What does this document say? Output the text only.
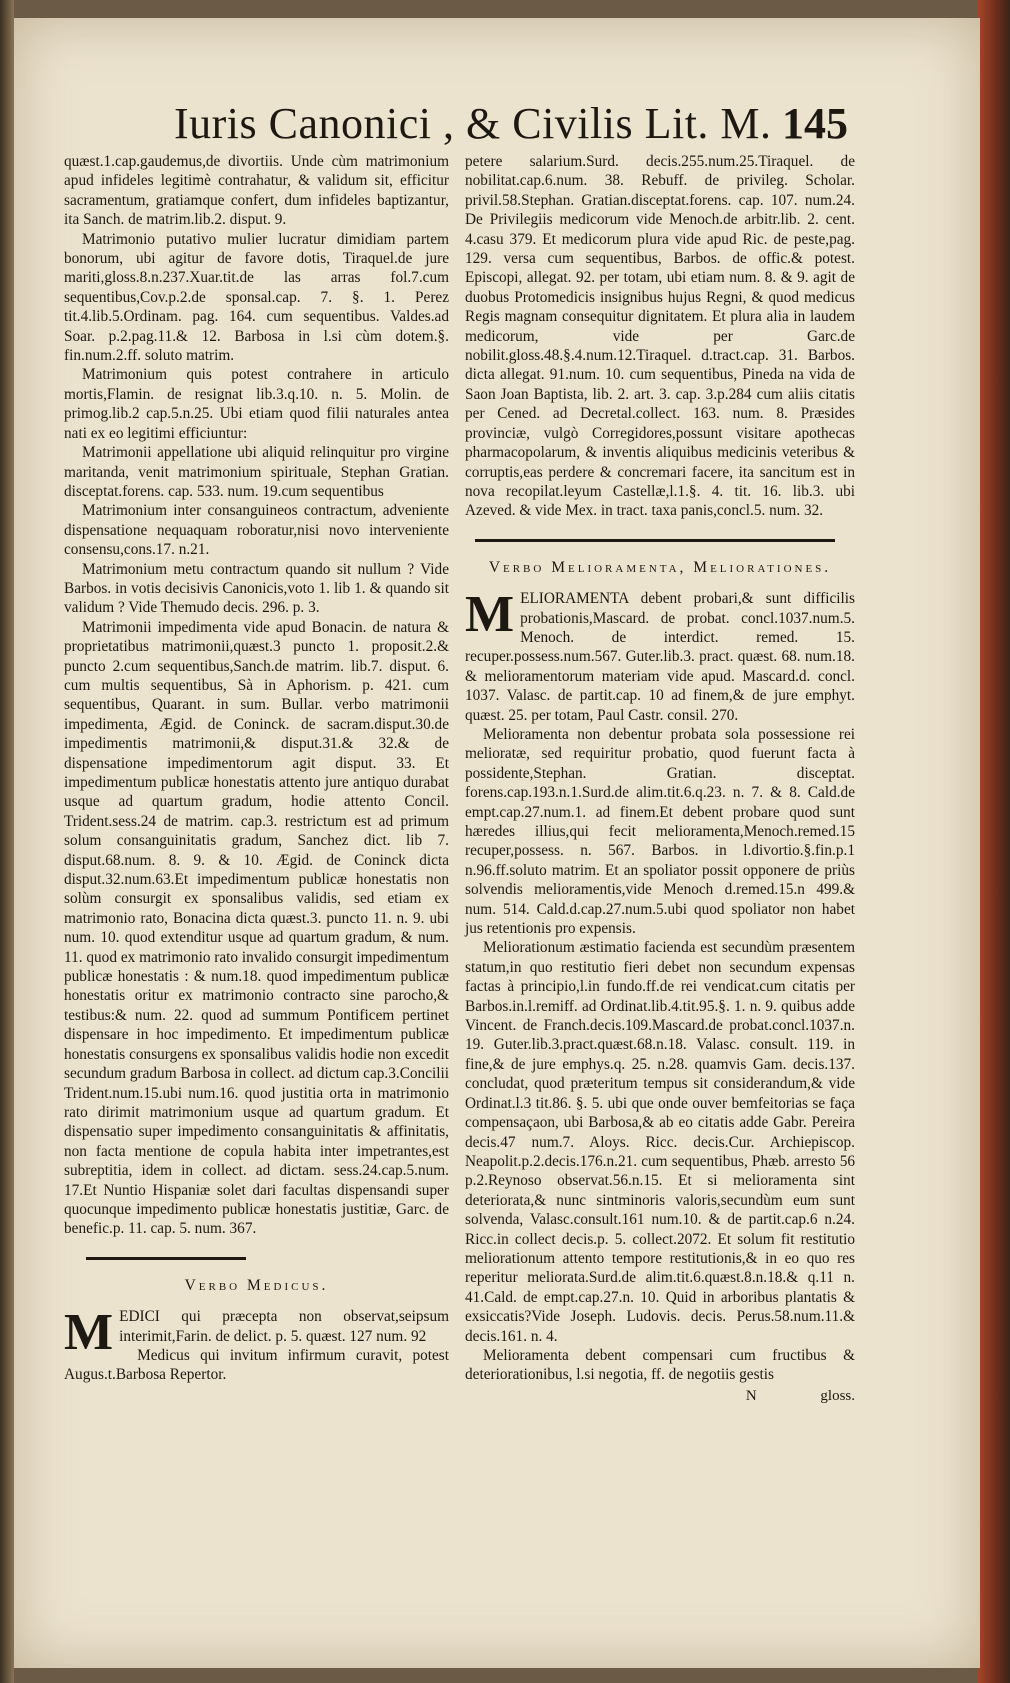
Iuris Canonici , & Civilis Lit. M. 145

quæst.1.cap.gaudemus,de divortiis. Unde cùm matrimonium apud infideles legitimè contrahatur, & validum sit, efficitur sacramentum, gratiamque confert, dum infideles baptizantur, ita Sanch. de matrim.lib.2. disput. 9.

Matrimonio putativo mulier lucratur dimidiam partem bonorum, ubi agitur de favore dotis, Tiraquel.de jure mariti,gloss.8.n.237.Xuar.tit.de las arras fol.7.cum sequentibus,Cov.p.2.de sponsal.cap. 7. §. 1. Perez tit.4.lib.5.Ordinam. pag. 164. cum sequentibus. Valdes.ad Soar. p.2.pag.11.& 12. Barbosa in l.si cùm dotem.§. fin.num.2.ff. soluto matrim.

Matrimonium quis potest contrahere in articulo mortis,Flamin. de resignat lib.3.q.10. n. 5. Molin. de primog.lib.2 cap.5.n.25. Ubi etiam quod filii naturales antea nati ex eo legitimi efficiuntur:

Matrimonii appellatione ubi aliquid relinquitur pro virgine maritanda, venit matrimonium spirituale, Stephan Gratian. disceptat.forens. cap. 533. num. 19.cum sequentibus

Matrimonium inter consanguineos contractum, adveniente dispensatione nequaquam roboratur,nisi novo interveniente consensu,cons.17. n.21.

Matrimonium metu contractum quando sit nullum ? Vide Barbos. in votis decisivis Canonicis,voto 1. lib 1. & quando sit validum ? Vide Themudo decis. 296. p. 3.

Matrimonii impedimenta vide apud Bonacin. de natura & proprietatibus matrimonii,quæst.3 puncto 1. proposit.2.& puncto 2.cum sequentibus,Sanch.de matrim. lib.7. disput. 6. cum multis sequentibus, Sà in Aphorism. p. 421. cum sequentibus, Quarant. in sum. Bullar. verbo matrimonii impedimenta, Ægid. de Coninck. de sacram.disput.30.de impedimentis matrimonii,& disput.31.& 32.& de dispensatione impedimentorum agit disput. 33. Et impedimentum publicæ honestatis attento jure antiquo durabat usque ad quartum gradum, hodie attento Concil. Trident.sess.24 de matrim. cap.3. restrictum est ad primum solum consanguinitatis gradum, Sanchez dict. lib 7. disput.68.num. 8. 9. & 10. Ægid. de Coninck dicta disput.32.num.63.Et impedimentum publicæ honestatis non solùm consurgit ex sponsalibus validis, sed etiam ex matrimonio rato, Bonacina dicta quæst.3. puncto 11. n. 9. ubi num. 10. quod extenditur usque ad quartum gradum, & num. 11. quod ex matrimonio rato invalido consurgit impedimentum publicæ honestatis : & num.18. quod impedimentum publicæ honestatis oritur ex matrimonio contracto sine parocho,& testibus:& num. 22. quod ad summum Pontificem pertinet dispensare in hoc impedimento. Et impedimentum publicæ honestatis consurgens ex sponsalibus validis hodie non excedit secundum gradum Barbosa in collect. ad dictum cap.3.Concilii Trident.num.15.ubi num.16. quod justitia orta in matrimonio rato dirimit matrimonium usque ad quartum gradum. Et dispensatio super impedimento consanguinitatis & affinitatis, non facta mentione de copula habita inter impetrantes,est subreptitia, idem in collect. ad dictam. sess.24.cap.5.num. 17.Et Nuntio Hispaniæ solet dari facultas dispensandi super quocunque impedimento publicæ honestatis justitiæ, Garc. de benefic.p. 11. cap. 5. num. 367.

Verbo Medicus.

MEDICI qui præcepta non observat,seipsum interimit,Farin. de delict. p. 5. quæst. 127 num. 92

Medicus qui invitum infirmum curavit, potest Augus.t.Barbosa Repertor.

petere salarium.Surd. decis.255.num.25.Tiraquel. de nobilitat.cap.6.num. 38. Rebuff. de privileg. Scholar. privil.58.Stephan. Gratian.disceptat.forens. cap. 107. num.24. De Privilegiis medicorum vide Menoch.de arbitr.lib. 2. cent. 4.casu 379. Et medicorum plura vide apud Ric. de peste,pag. 129. versa cum sequentibus, Barbos. de offic.& potest. Episcopi, allegat. 92. per totam, ubi etiam num. 8. & 9. agit de duobus Protomedicis insignibus hujus Regni, & quod medicus Regis magnam consequitur dignitatem. Et plura alia in laudem medicorum, vide per Garc.de nobilit.gloss.48.§.4.num.12.Tiraquel. d.tract.cap. 31. Barbos. dicta allegat. 91.num. 10. cum sequentibus, Pineda na vida de Saon Joan Baptista, lib. 2. art. 3. cap. 3.p.284 cum aliis citatis per Cened. ad Decretal.collect. 163. num. 8. Præsides provinciæ, vulgò Corregidores,possunt visitare apothecas pharmacopolarum, & inventis aliquibus medicinis veteribus & corruptis,eas perdere & concremari facere, ita sancitum est in nova recopilat.leyum Castellæ,l.1.§. 4. tit. 16. lib.3. ubi Azeved. & vide Mex. in tract. taxa panis,concl.5. num. 32.

Verbo Melioramenta, Meliorationes.

MELIORAMENTA debent probari,& sunt difficilis probationis,Mascard. de probat. concl.1037.num.5. Menoch. de interdict. remed. 15. recuper.possess.num.567. Guter.lib.3. pract. quæst. 68. num.18. & melioramentorum materiam vide apud. Mascard.d. concl. 1037. Valasc. de partit.cap. 10 ad finem,& de jure emphyt. quæst. 25. per totam, Paul Castr. consil. 270.

Melioramenta non debentur probata sola possessione rei melioratæ, sed requiritur probatio, quod fuerunt facta à possidente,Stephan. Gratian. disceptat. forens.cap.193.n.1.Surd.de alim.tit.6.q.23. n. 7. & 8. Cald.de empt.cap.27.num.1. ad finem.Et debent probare quod sunt hæredes illius,qui fecit melioramenta,Menoch.remed.15 recuper,possess. n. 567. Barbos. in l.divortio.§.fin.p.1 n.96.ff.soluto matrim. Et an spoliator possit opponere de priùs solvendis melioramentis,vide Menoch d.remed.15.n 499.& num. 514. Cald.d.cap.27.num.5.ubi quod spoliator non habet jus retentionis pro expensis.

Meliorationum æstimatio facienda est secundùm præsentem statum,in quo restitutio fieri debet non secundum expensas factas à principio,l.in fundo.ff.de rei vendicat.cum citatis per Barbos.in.l.remiff. ad Ordinat.lib.4.tit.95.§. 1. n. 9. quibus adde Vincent. de Franch.decis.109.Mascard.de probat.concl.1037.n. 19. Guter.lib.3.pract.quæst.68.n.18. Valasc. consult. 119. in fine,& de jure emphys.q. 25. n.28. quamvis Gam. decis.137. concludat, quod præteritum tempus sit considerandum,& vide Ordinat.l.3 tit.86. §. 5. ubi que onde ouver bemfeitorias se faça compensaçaon, ubi Barbosa,& ab eo citatis adde Gabr. Pereira decis.47 num.7. Aloys. Ricc. decis.Cur. Archiepiscop. Neapolit.p.2.decis.176.n.21. cum sequentibus, Phæb. arresto 56 p.2.Reynoso observat.56.n.15. Et si melioramenta sint deteriorata,& nunc sintminoris valoris,secundùm eum sunt solvenda, Valasc.consult.161 num.10. & de partit.cap.6 n.24. Ricc.in collect decis.p. 5. collect.2072. Et solum fit restitutio meliorationum attento tempore restitutionis,& in eo quo res reperitur meliorata.Surd.de alim.tit.6.quæst.8.n.18.& q.11 n. 41.Cald. de empt.cap.27.n. 10. Quid in arboribus plantatis & exsiccatis?Vide Joseph. Ludovis. decis. Perus.58.num.11.& decis.161. n. 4.

Melioramenta debent compensari cum fructibus & deteriorationibus, l.si negotia, ff. de negotiis gestis

N	gloss.
